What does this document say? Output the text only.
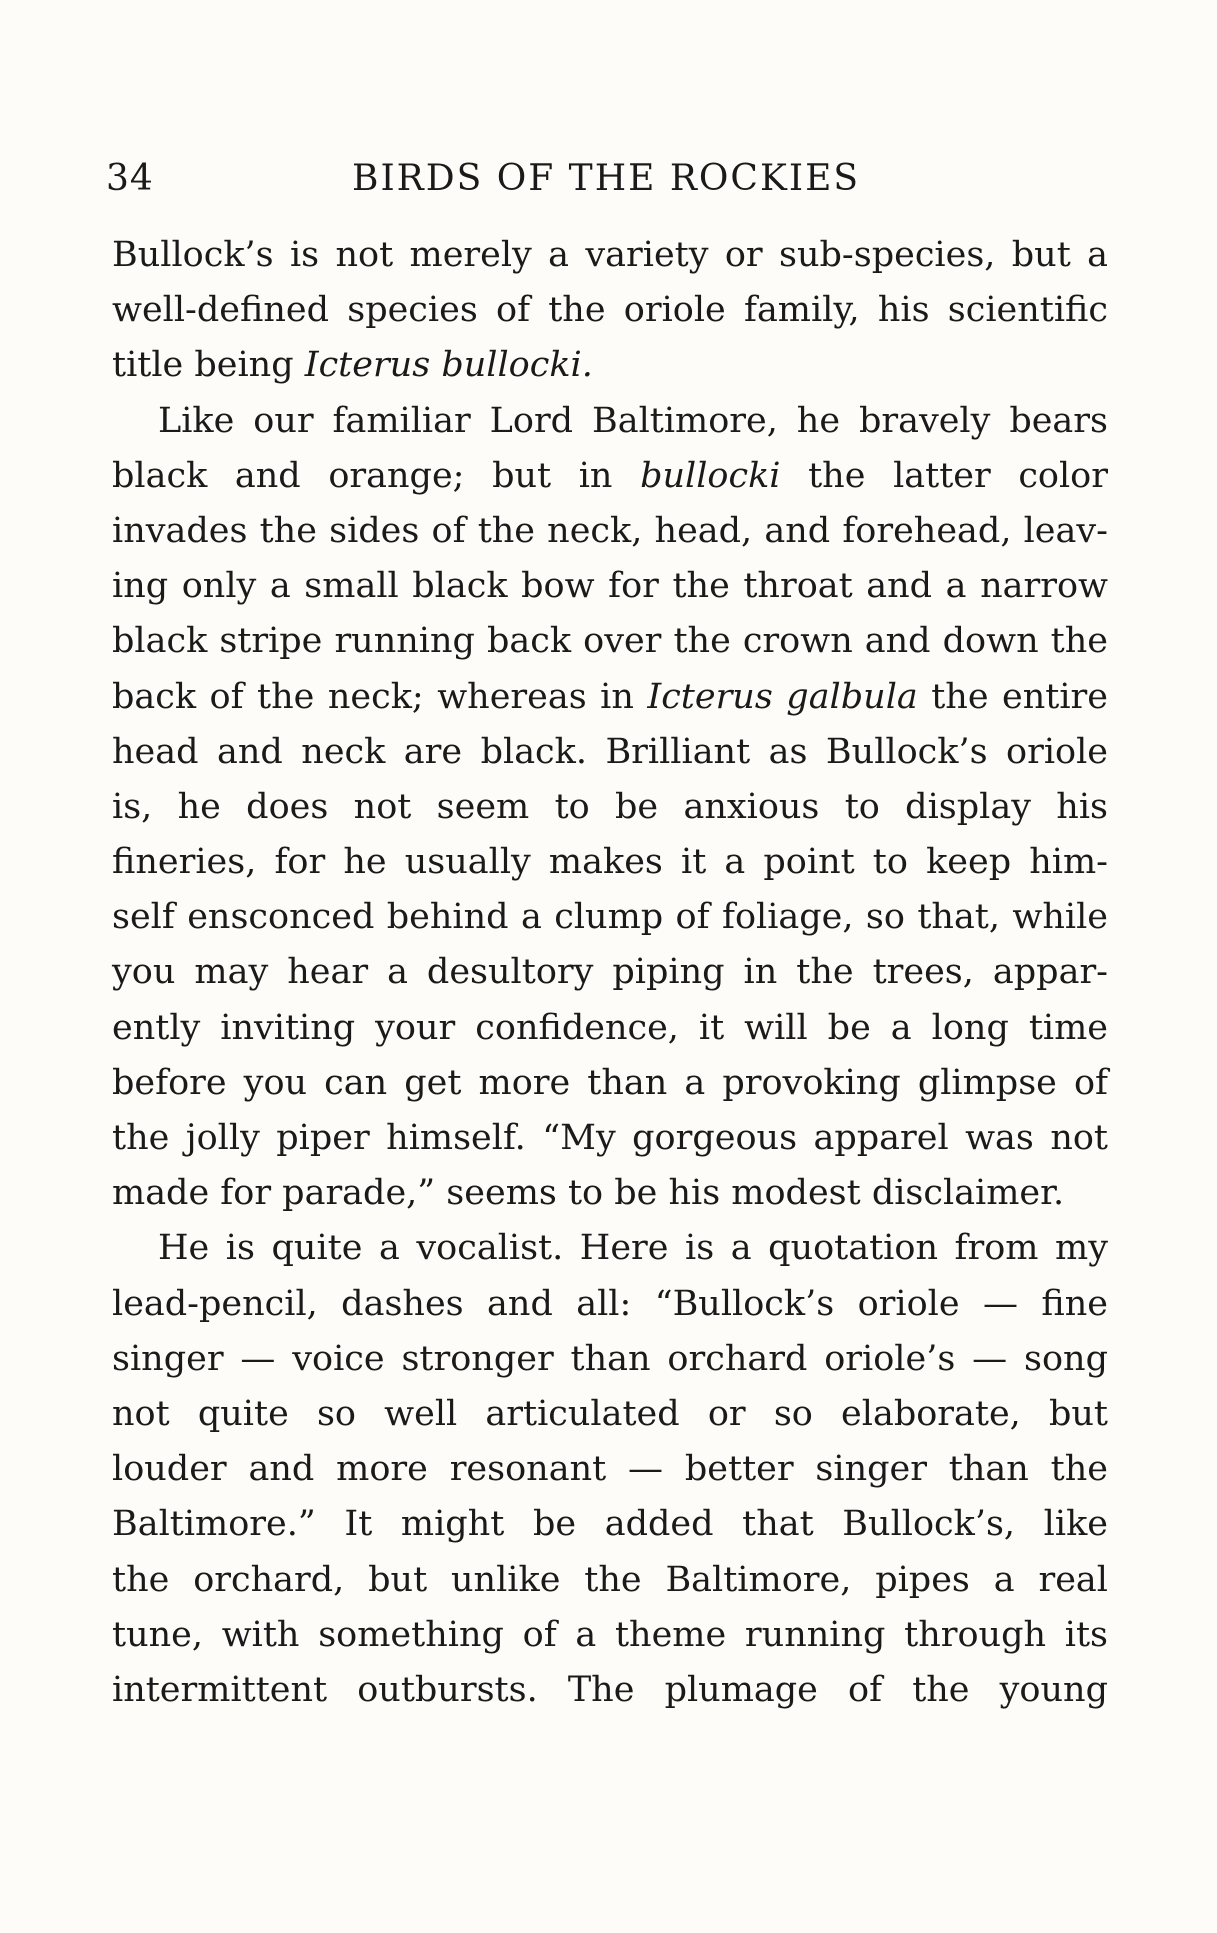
34	BIRDS OF THE ROCKIES
Bullock’s is not merely a variety or sub-species, but a
well-defined species of the oriole family, his scientific
title being Icterus bullocki.
Like our familiar Lord Baltimore, he bravely bears
black and orange; but in bullocki the latter color
invades the sides of the neck, head, and forehead, leav-
ing only a small black bow for the throat and a narrow
black stripe running back over the crown and down the
back of the neck; whereas in Icterus galbula the entire
head and neck are black. Brilliant as Bullock’s oriole
is, he does not seem to be anxious to display his
fineries, for he usually makes it a point to keep him-
self ensconced behind a clump of foliage, so that, while
you may hear a desultory piping in the trees, appar-
ently inviting your confidence, it will be a long time
before you can get more than a provoking glimpse of
the jolly piper himself. “My gorgeous apparel was not
made for parade,” seems to be his modest disclaimer.
He is quite a vocalist. Here is a quotation from my
lead-pencil, dashes and all: “Bullock’s oriole — fine
singer — voice stronger than orchard oriole’s — song
not quite so well articulated or so elaborate, but
louder and more resonant — better singer than the
Baltimore.” It might be added that Bullock’s, like
the orchard, but unlike the Baltimore, pipes a real
tune, with something of a theme running through its
intermittent outbursts. The plumage of the young
